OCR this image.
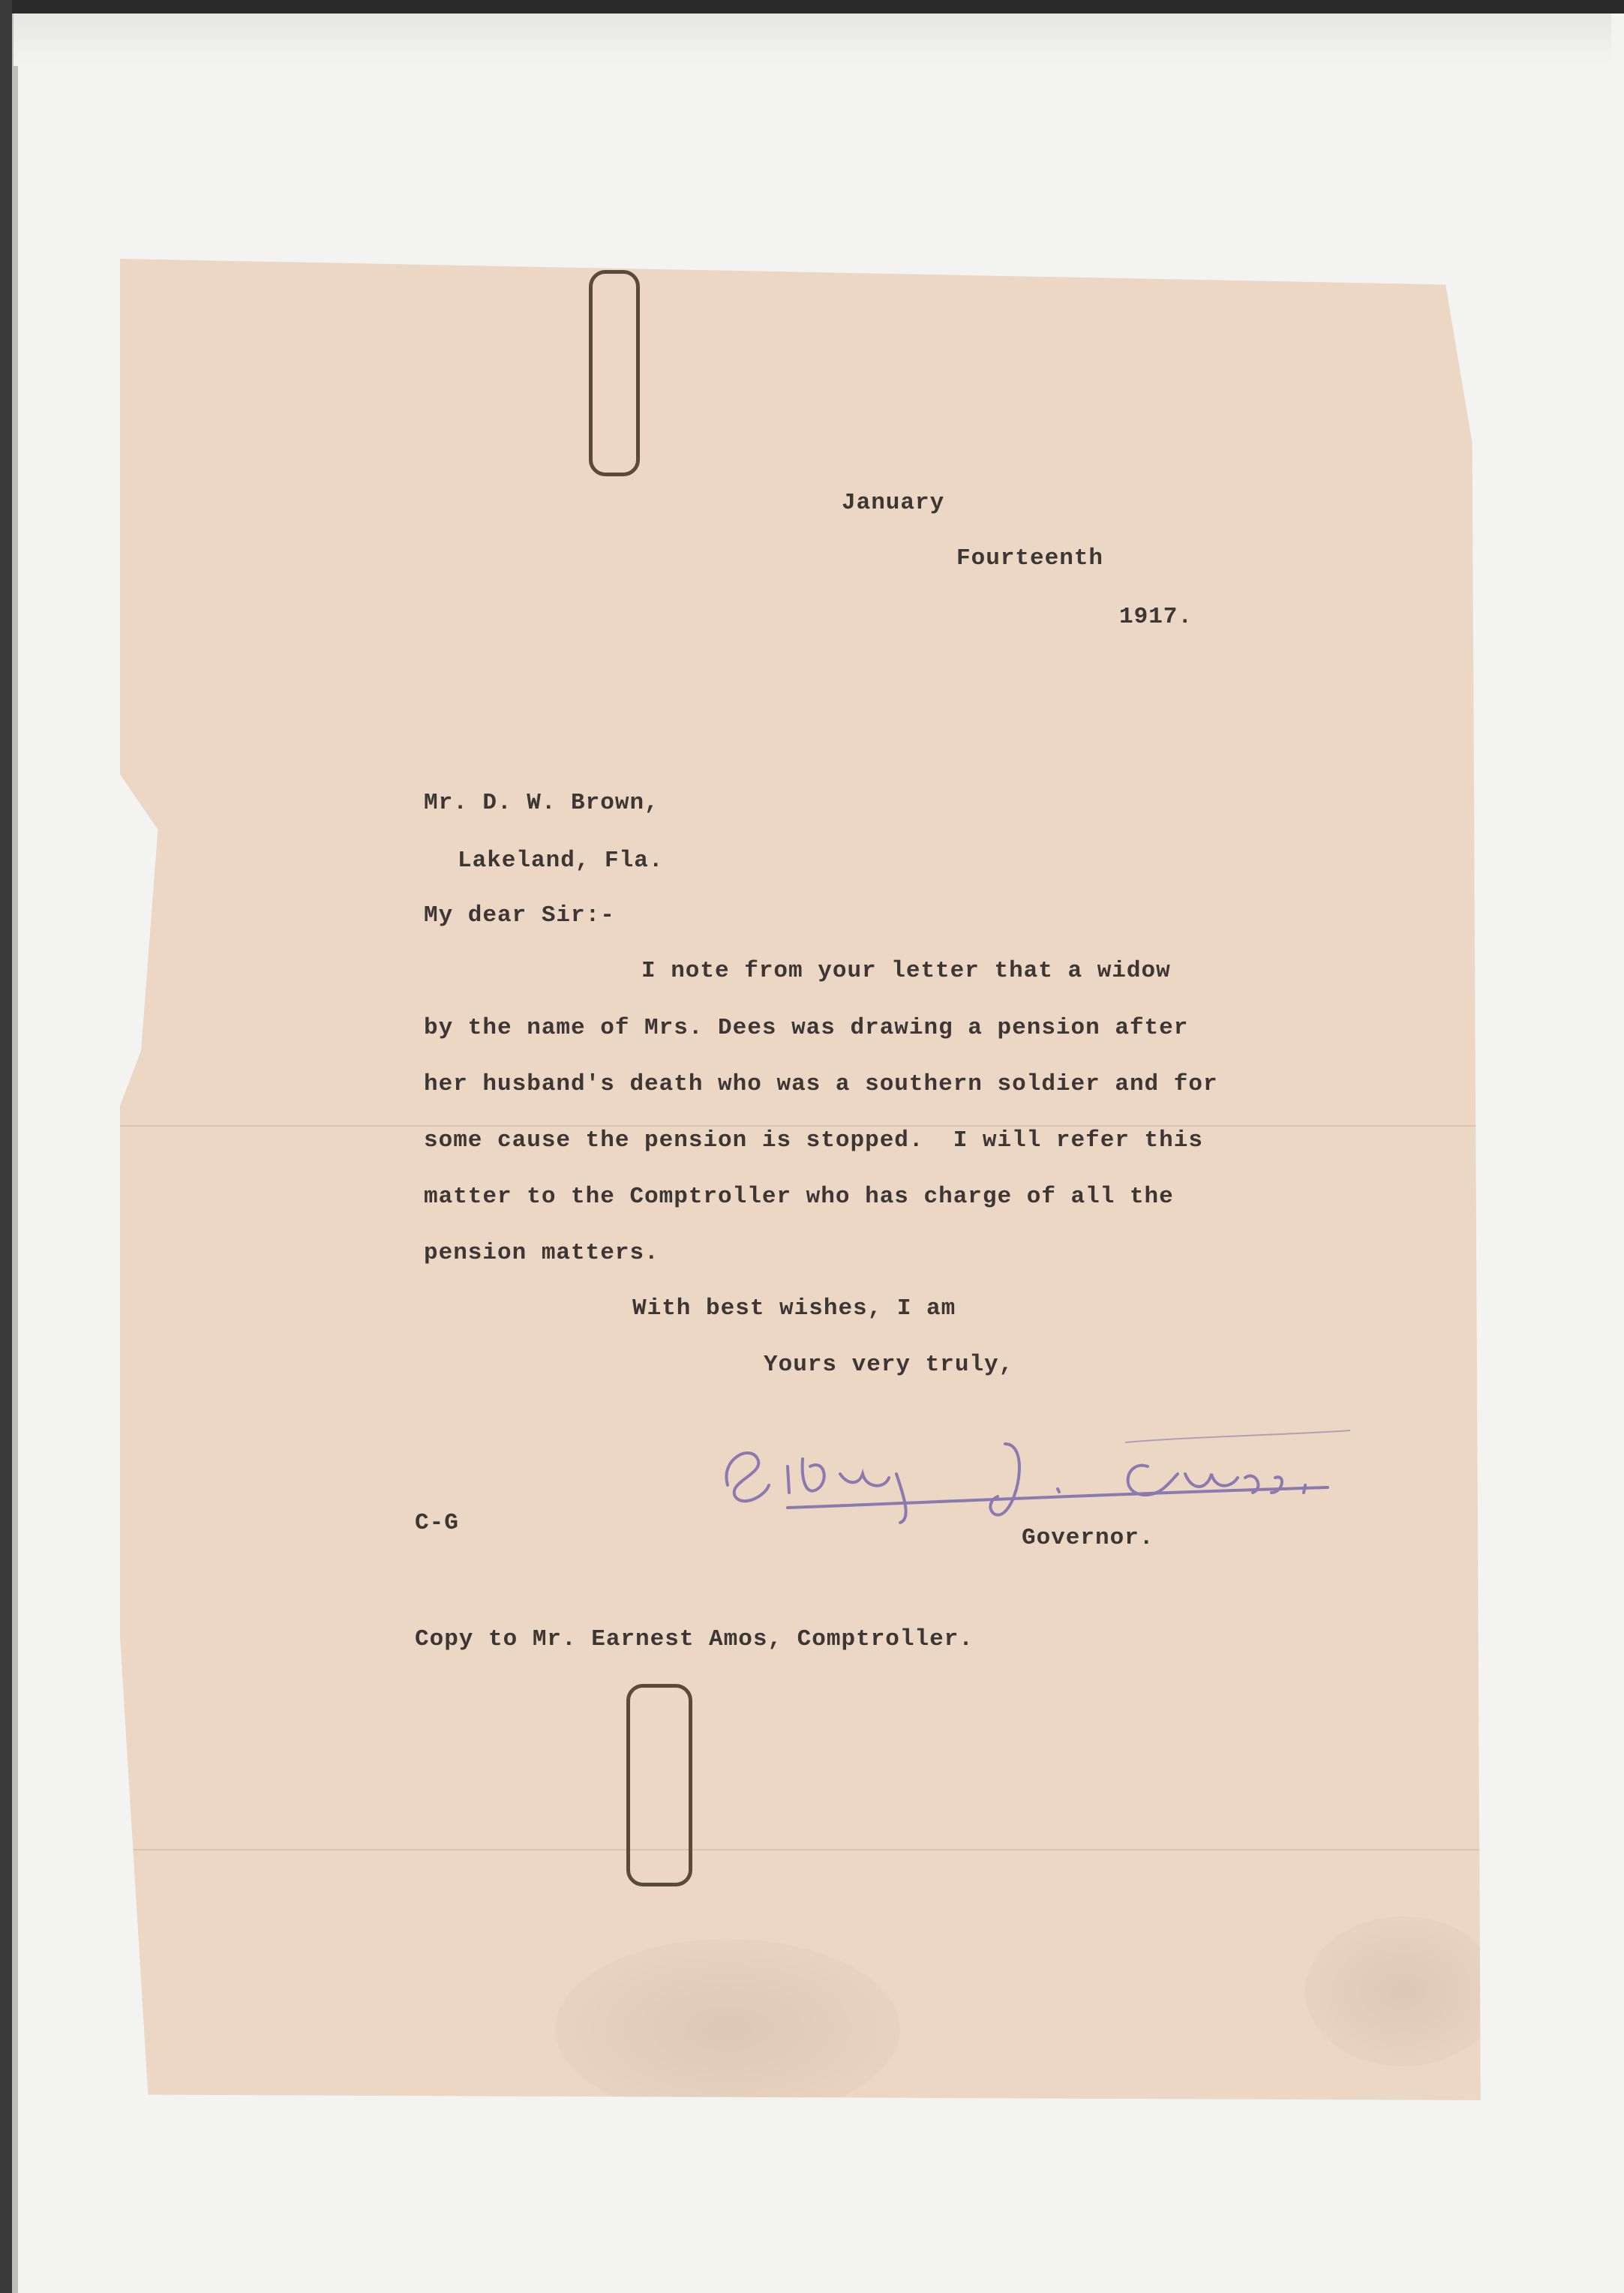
January
Fourteenth
1917.
Mr. D. W. Brown,
Lakeland, Fla.
My dear Sir:-
I note from your letter that a widow
by the name of Mrs. Dees was drawing a pension after
her husband's death who was a southern soldier and for
some cause the pension is stopped.  I will refer this
matter to the Comptroller who has charge of all the
pension matters.
With best wishes, I am
Yours very truly,
C-G
Governor.
Copy to Mr. Earnest Amos, Comptroller.
